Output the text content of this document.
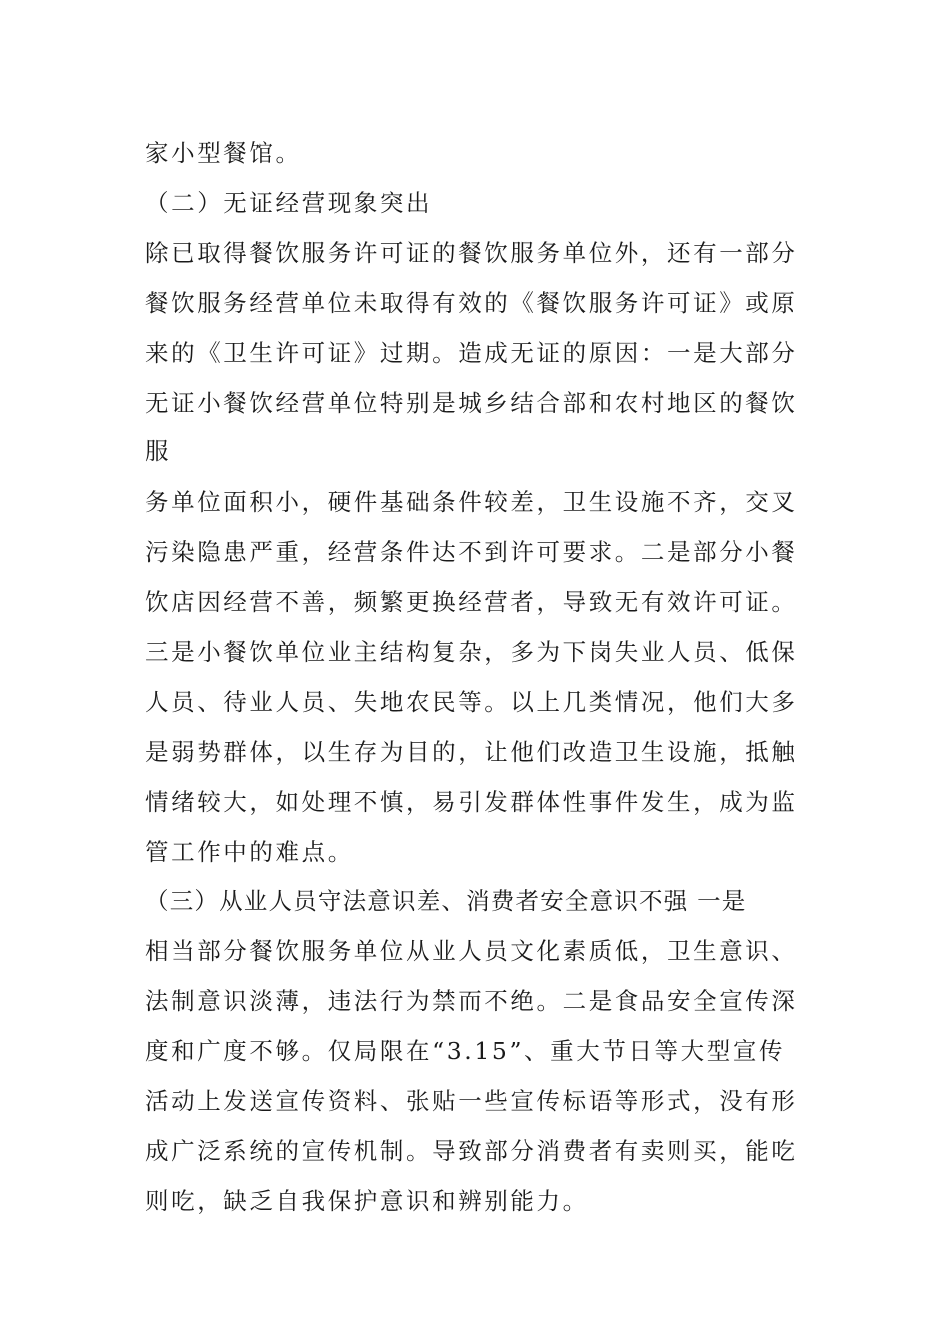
家小型餐馆。
（二）无证经营现象突出
除已取得餐饮服务许可证的餐饮服务单位外，还有一部分
餐饮服务经营单位未取得有效的《餐饮服务许可证》或原
来的《卫生许可证》过期。造成无证的原因：一是大部分
无证小餐饮经营单位特别是城乡结合部和农村地区的餐饮
服
务单位面积小，硬件基础条件较差，卫生设施不齐，交叉
污染隐患严重，经营条件达不到许可要求。二是部分小餐
饮店因经营不善，频繁更换经营者，导致无有效许可证。
三是小餐饮单位业主结构复杂，多为下岗失业人员、低保
人员、待业人员、失地农民等。以上几类情况，他们大多
是弱势群体，以生存为目的，让他们改造卫生设施，抵触
情绪较大，如处理不慎，易引发群体性事件发生，成为监
管工作中的难点。
（三）从业人员守法意识差、消费者安全意识不强 一是
相当部分餐饮服务单位从业人员文化素质低，卫生意识、
法制意识淡薄，违法行为禁而不绝。二是食品安全宣传深
度和广度不够。仅局限在“3.15”、重大节日等大型宣传
活动上发送宣传资料、张贴一些宣传标语等形式，没有形
成广泛系统的宣传机制。导致部分消费者有卖则买，能吃
则吃，缺乏自我保护意识和辨别能力。
